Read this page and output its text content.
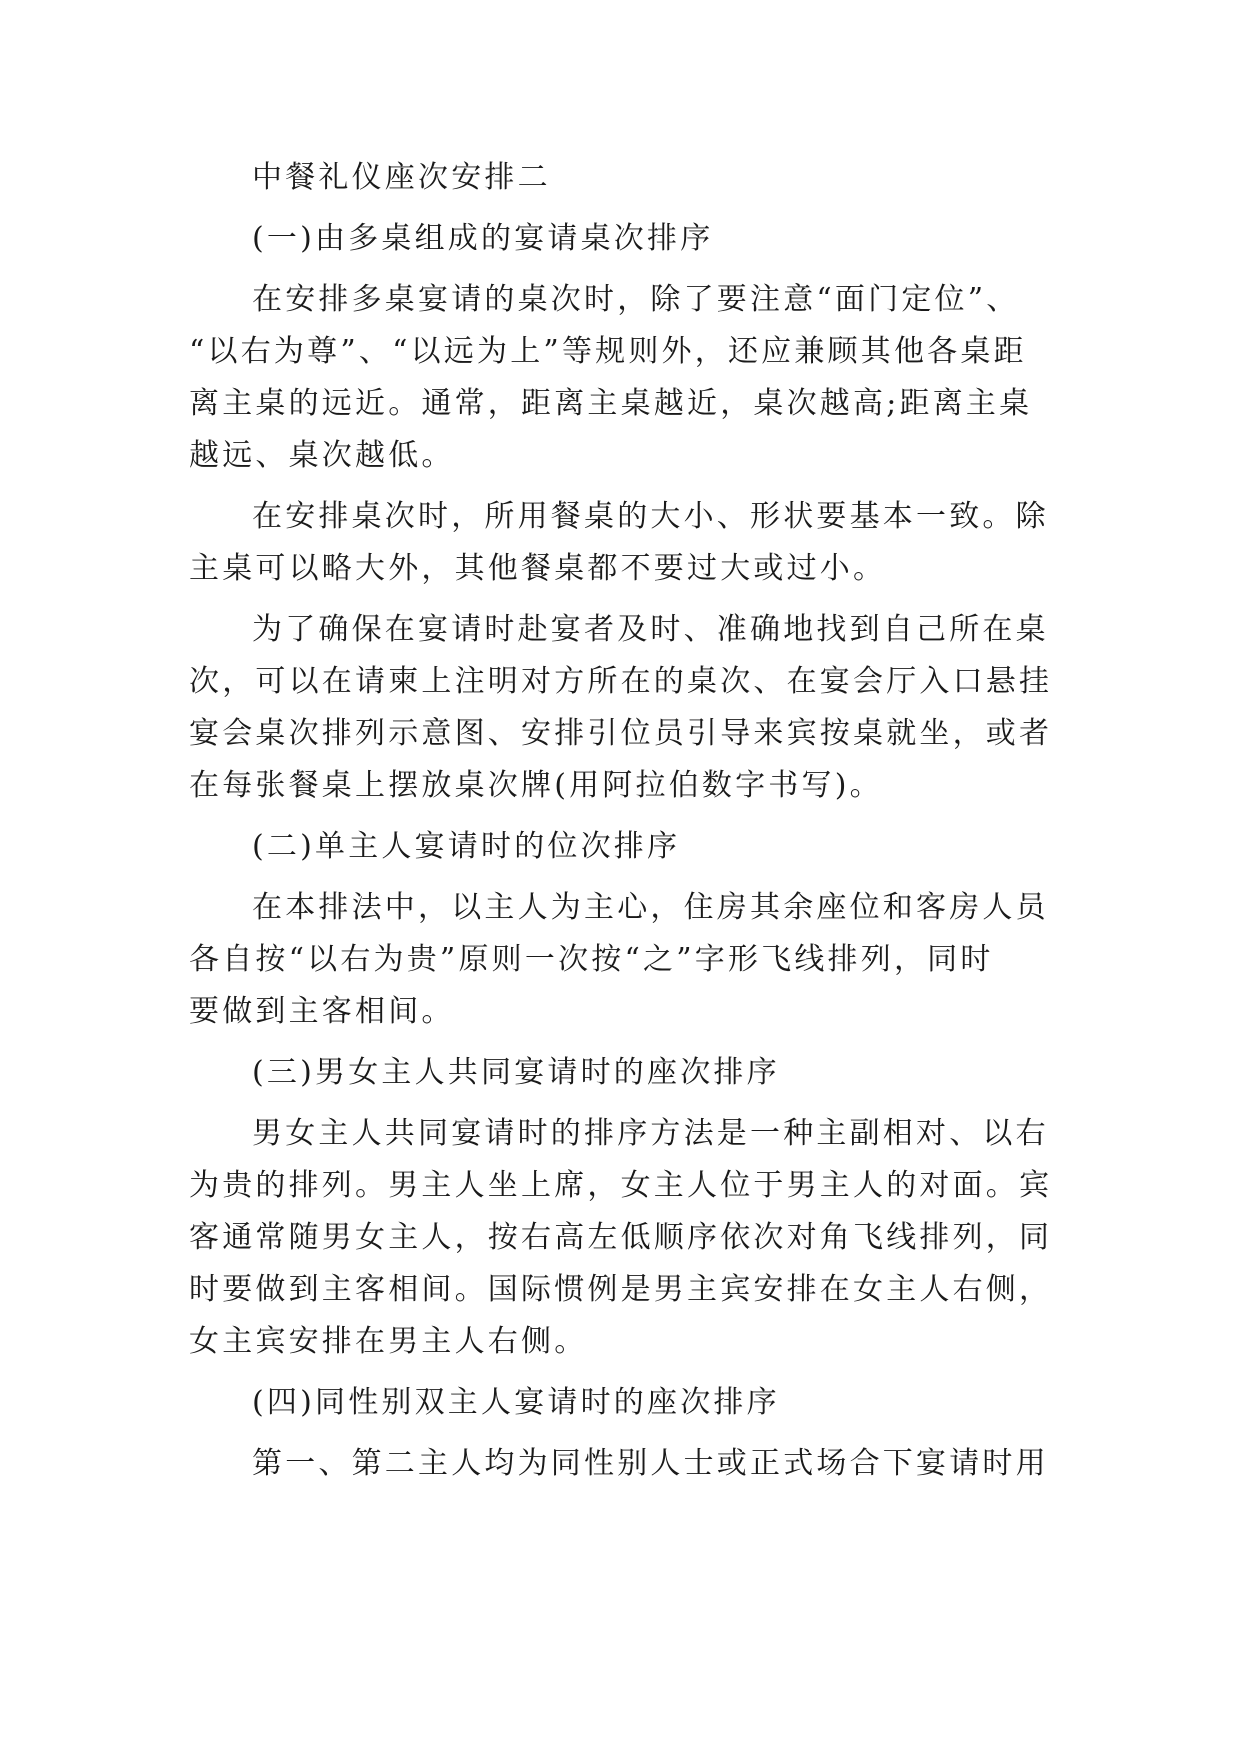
中餐礼仪座次安排二

(一)由多桌组成的宴请桌次排序

在安排多桌宴请的桌次时，除了要注意“面门定位”、

“以右为尊”、“以远为上”等规则外，还应兼顾其他各桌距

离主桌的远近。通常，距离主桌越近，桌次越高;距离主桌

越远、桌次越低。

在安排桌次时，所用餐桌的大小、形状要基本一致。除

主桌可以略大外，其他餐桌都不要过大或过小。

为了确保在宴请时赴宴者及时、准确地找到自己所在桌

次，可以在请柬上注明对方所在的桌次、在宴会厅入口悬挂

宴会桌次排列示意图、安排引位员引导来宾按桌就坐，或者

在每张餐桌上摆放桌次牌(用阿拉伯数字书写)。

(二)单主人宴请时的位次排序

在本排法中，以主人为主心，住房其余座位和客房人员

各自按“以右为贵”原则一次按“之”字形飞线排列，同时

要做到主客相间。

(三)男女主人共同宴请时的座次排序

男女主人共同宴请时的排序方法是一种主副相对、以右

为贵的排列。男主人坐上席，女主人位于男主人的对面。宾

客通常随男女主人，按右高左低顺序依次对角飞线排列，同

时要做到主客相间。国际惯例是男主宾安排在女主人右侧，

女主宾安排在男主人右侧。

(四)同性别双主人宴请时的座次排序

第一、第二主人均为同性别人士或正式场合下宴请时用
